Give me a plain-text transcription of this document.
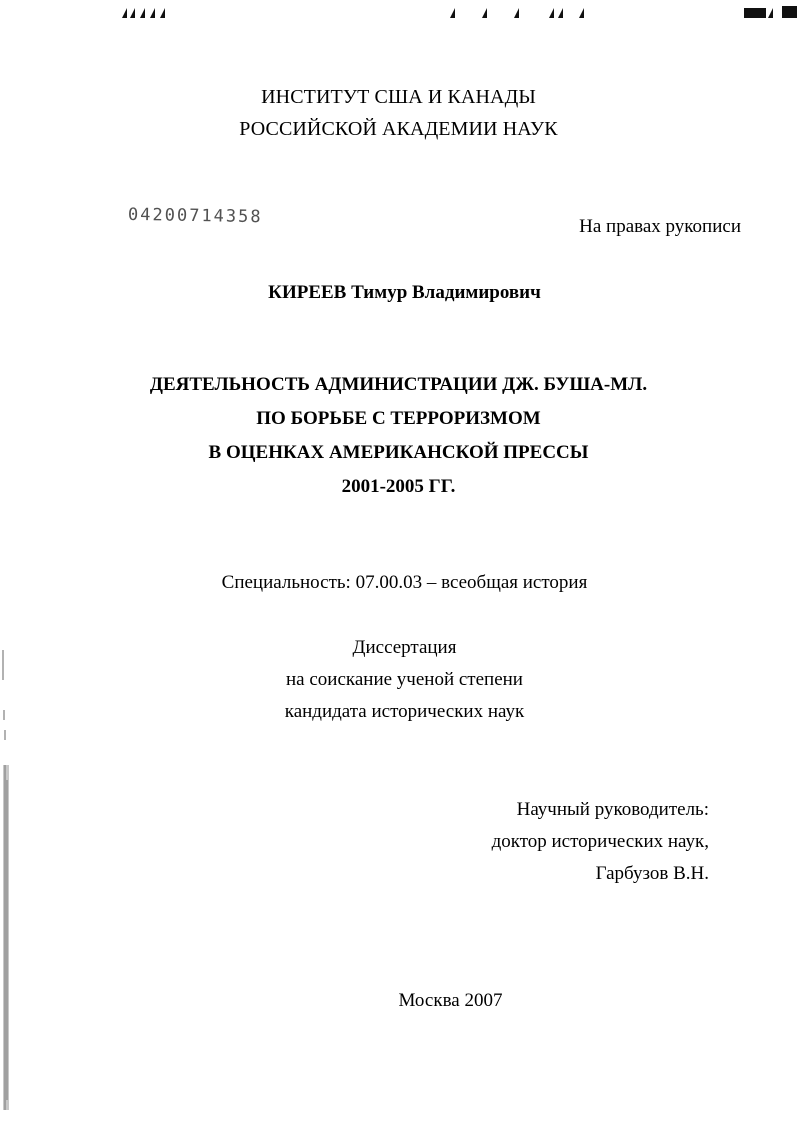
ИНСТИТУТ США И КАНАДЫ
РОССИЙСКОЙ АКАДЕМИИ НАУК
04200714358	На правах рукописи
КИРЕЕВ Тимур Владимирович
ДЕЯТЕЛЬНОСТЬ АДМИНИСТРАЦИИ ДЖ. БУША-МЛ.
ПО БОРЬБЕ С ТЕРРОРИЗМОМ
В ОЦЕНКАХ АМЕРИКАНСКОЙ ПРЕССЫ
2001-2005 ГГ.
Специальность: 07.00.03 – всеобщая история
Диссертация
на соискание ученой степени
кандидата исторических наук
Научный руководитель:
доктор исторических наук,
Гарбузов В.Н.
Москва 2007
